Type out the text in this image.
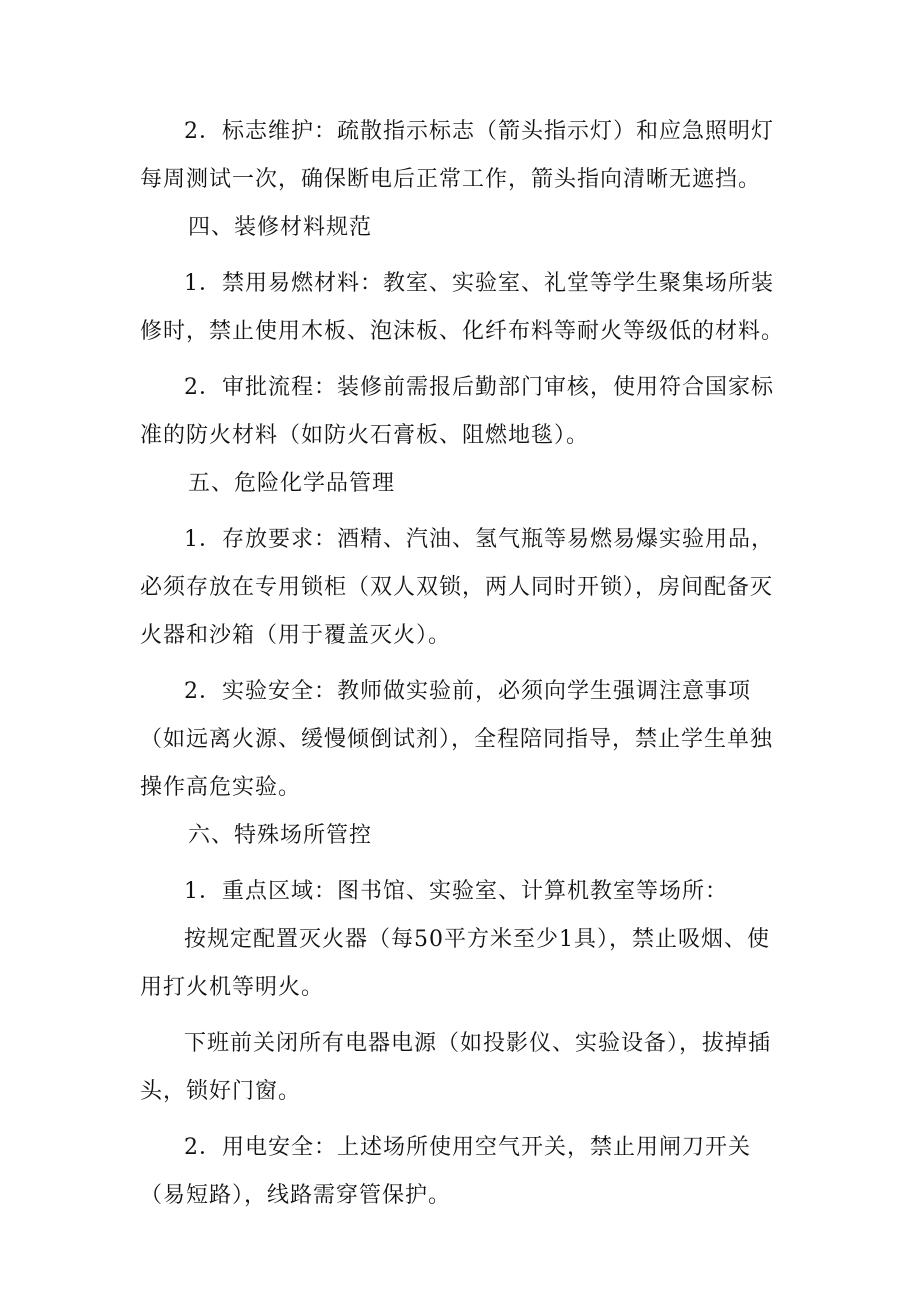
2．标志维护：疏散指示标志（箭头指示灯）和应急照明灯每周测试一次，确保断电后正常工作，箭头指向清晰无遮挡。

四、装修材料规范

1．禁用易燃材料：教室、实验室、礼堂等学生聚集场所装修时，禁止使用木板、泡沫板、化纤布料等耐火等级低的材料。

2．审批流程：装修前需报后勤部门审核，使用符合国家标准的防火材料（如防火石膏板、阻燃地毯）。

五、危险化学品管理

1．存放要求：酒精、汽油、氢气瓶等易燃易爆实验用品，必须存放在专用锁柜（双人双锁，两人同时开锁），房间配备灭火器和沙箱（用于覆盖灭火）。

2．实验安全：教师做实验前，必须向学生强调注意事项（如远离火源、缓慢倾倒试剂），全程陪同指导，禁止学生单独操作高危实验。

六、特殊场所管控

1．重点区域：图书馆、实验室、计算机教室等场所：

按规定配置灭火器（每50平方米至少1具），禁止吸烟、使用打火机等明火。

下班前关闭所有电器电源（如投影仪、实验设备），拔掉插头，锁好门窗。

2．用电安全：上述场所使用空气开关，禁止用闸刀开关（易短路），线路需穿管保护。
